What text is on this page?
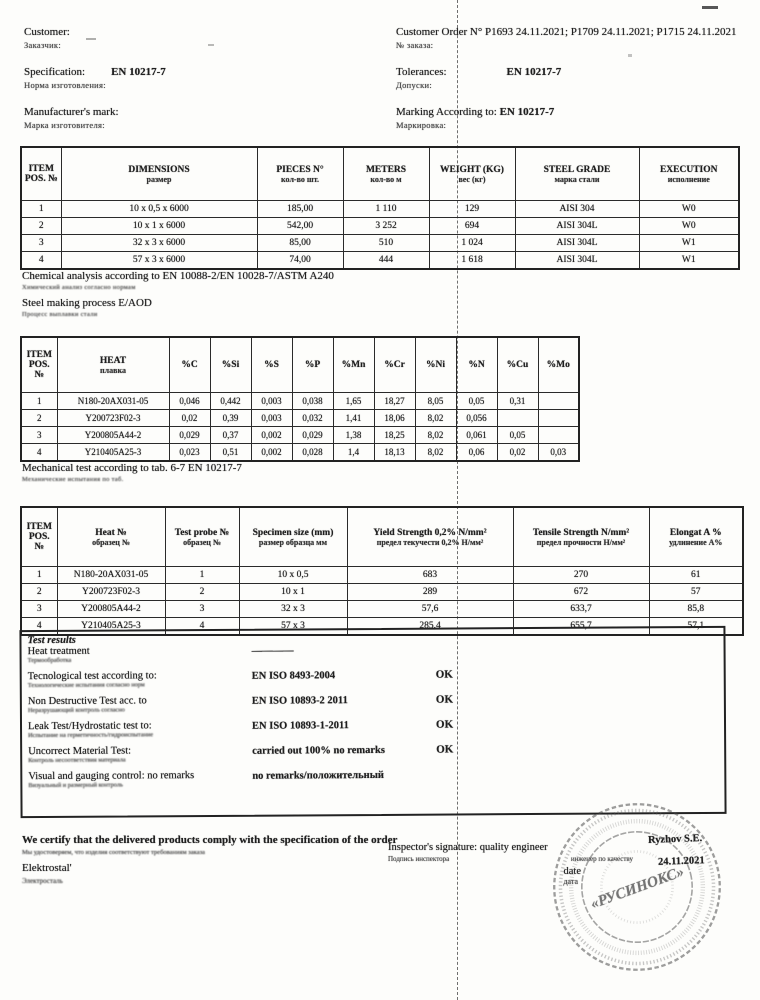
Customer:
Заказчик:
Specification: EN 10217-7
Норма изготовления:
Manufacturer's mark:
Марка изготовителя:
Customer Order N° P1693 24.11.2021; P1709 24.11.2021; P1715 24.11.2021
№ заказа:
Tolerances:	EN 10217-7
Допуски:
Marking According to: EN 10217-7
Маркировка:
ITEM POS. №

DIMENSIONS
размер

PIECES N°
кол-во шт.

METERS
кол-во м

WEIGHT (KG)
вес (кг)

STEEL GRADE
марка стали

EXECUTION
исполнение

1	10 x 0,5 x 6000	185,00	1 110	129	AISI 304	W0
2	10 x 1 x 6000	542,00	3 252	694	AISI 304L	W0
3	32 x 3 x 6000	85,00	510	1 024	AISI 304L	W1
4	57 x 3 x 6000	74,00	444	1 618	AISI 304L	W1
Chemical analysis according to EN 10088-2/EN 10028-7/ASTM A240
Химический анализ согласно нормам
Steel making process E/AOD
Процесс выплавки стали
ITEM POS. №	HEAT
плавка	%C	%Si	%S	%P	%Mn	%Cr	%Ni	%N	%Cu	%Mo

1	N180-20AX031-05	0,046	0,442	0,003	0,038	1,65	18,27	8,05	0,05	0,31	
2	Y200723F02-3	0,02	0,39	0,003	0,032	1,41	18,06	8,02	0,056		
3	Y200805A44-2	0,029	0,37	0,002	0,029	1,38	18,25	8,02	0,061	0,05	
4	Y210405A25-3	0,023	0,51	0,002	0,028	1,4	18,13	8,02	0,06	0,02	0,03
Mechanical test according to tab. 6-7 EN 10217-7
Механические испытания по таб.
ITEM POS. №

Heat №
образец №

Test probe №
образец №

Specimen size (mm)
размер образца мм

Yield Strength 0,2% N/mm²
предел текучести 0,2% Н/мм²

Tensile Strength N/mm²
предел прочности Н/мм²

Elongat A %
удлинение A%

1	N180-20AX031-05	1	10 x 0,5	683	270	61
2	Y200723F02-3	2	10 x 1	289	672	57
3	Y200805A44-2	3	32 x 3	57,6	633,7	85,8
4	Y210405A25-3	4	57 x 3	285,4	655,7	57,1
Test results
Heat treatment
Термообработка
————
Tecnological test according to:
Технологические испытания согласно норм
EN ISO 8493-2004	OK
Non Destructive Test acc. to
Неразрушающий контроль согласно
EN ISO 10893-2 2011	OK
Leak Test/Hydrostatic test to:
Испытание на герметичность/гидроиспытание
EN ISO 10893-1-2011	OK
Uncorrect Material Test:
Контроль несоответствия материала
carried out 100% no remarks	OK
Visual and gauging control: no remarks
Визуальный и размерный контроль
no remarks/положительный
We certify that the delivered products comply with the specification of the order
Мы удостоверяем, что изделия соответствуют требованиям заказа
Elektrostal'
Электросталь
Inspector's signature: quality engineer
Подпись инспектора	инженер по качеству
date
дата
Ryzhov S.E.
24.11.2021
«РУСИНОКС»
